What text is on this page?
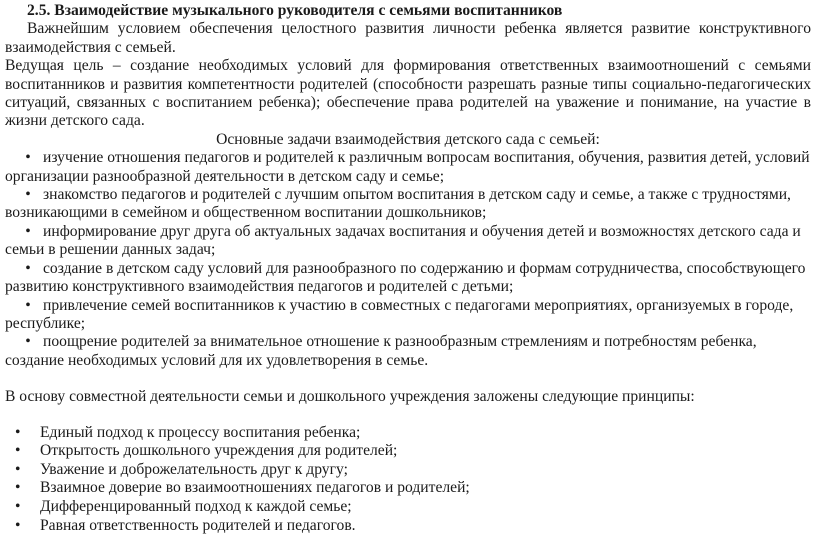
2.5. Взаимодействие музыкального руководителя с семьями воспитанников
Важнейшим условием обеспечения целостного развития личности ребенка является развитие конструктивного взаимодействия с семьей.
Ведущая цель – создание необходимых условий для формирования ответственных взаимоотношений с семьями воспитанников и развития компетентности родителей (способности разрешать разные типы социально-педагогических ситуаций, связанных с воспитанием ребенка); обеспечение права родителей на уважение и понимание, на участие в жизни детского сада.
Основные задачи взаимодействия детского сада с семьей:
• изучение отношения педагогов и родителей к различным вопросам воспитания, обучения, развития детей, условий организации разнообразной деятельности в детском саду и семье;
• знакомство педагогов и родителей с лучшим опытом воспитания в детском саду и семье, а также с трудностями, возникающими в семейном и общественном воспитании дошкольников;
• информирование друг друга об актуальных задачах воспитания и обучения детей и возможностях детского сада и семьи в решении данных задач;
• создание в детском саду условий для разнообразного по содержанию и формам сотрудничества, способствующего развитию конструктивного взаимодействия педагогов и родителей с детьми;
• привлечение семей воспитанников к участию в совместных с педагогами мероприятиях, организуемых в городе, республике;
• поощрение родителей за внимательное отношение к разнообразным стремлениям и потребностям ребенка, создание необходимых условий для их удовлетворения в семье.
В основу совместной деятельности семьи и дошкольного учреждения заложены следующие принципы:
• Единый подход к процессу воспитания ребенка;
• Открытость дошкольного учреждения для родителей;
• Уважение и доброжелательность друг к другу;
• Взаимное доверие во взаимоотношениях педагогов и родителей;
• Дифференцированный подход к каждой семье;
• Равная ответственность родителей и педагогов.
